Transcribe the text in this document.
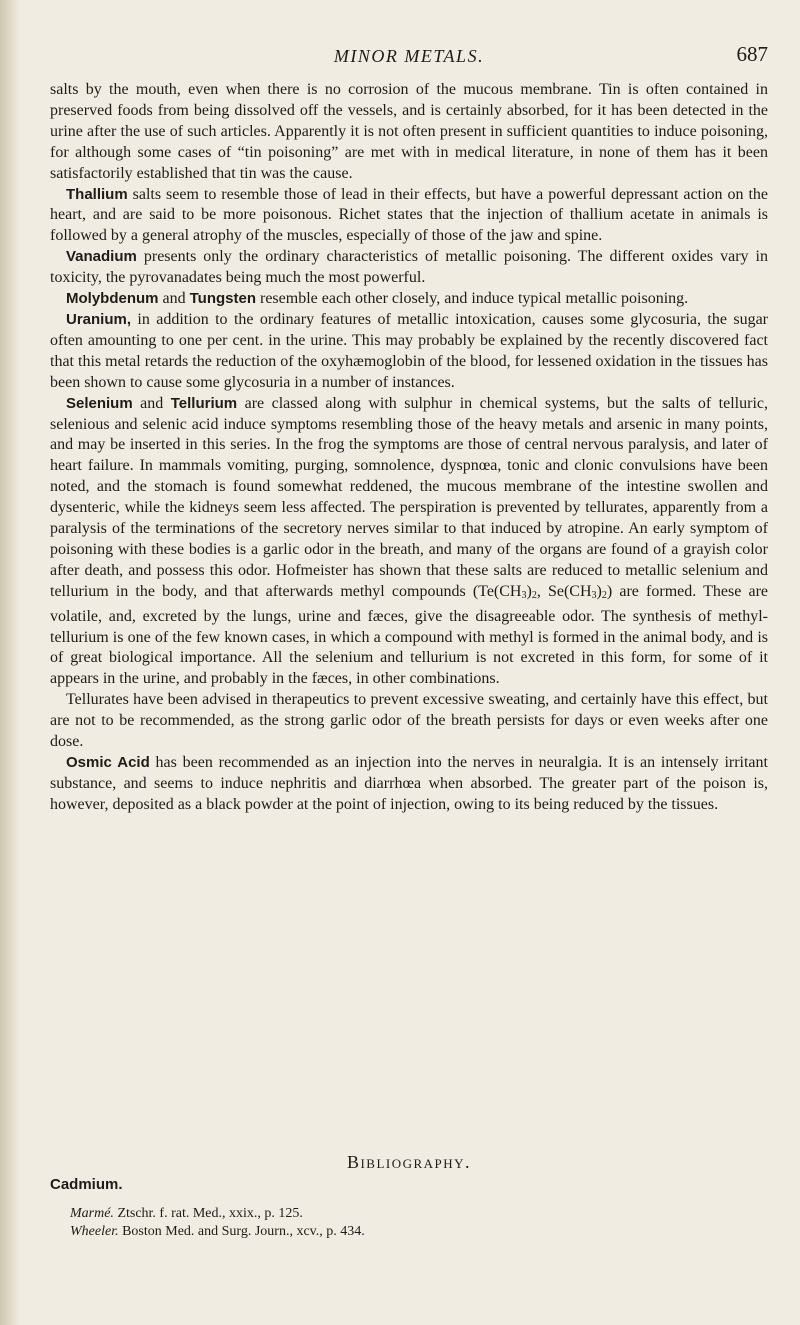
MINOR METALS.	687

salts by the mouth, even when there is no corrosion of the mucous membrane. Tin is often contained in preserved foods from being dissolved off the vessels, and is certainly absorbed, for it has been detected in the urine after the use of such articles. Apparently it is not often present in sufficient quantities to induce poisoning, for although some cases of “tin poisoning” are met with in medical literature, in none of them has it been satisfactorily established that tin was the cause.

Thallium salts seem to resemble those of lead in their effects, but have a powerful depressant action on the heart, and are said to be more poisonous. Richet states that the injection of thallium acetate in animals is followed by a general atrophy of the muscles, especially of those of the jaw and spine.

Vanadium presents only the ordinary characteristics of metallic poisoning. The different oxides vary in toxicity, the pyrovanadates being much the most powerful.

Molybdenum and Tungsten resemble each other closely, and induce typical metallic poisoning.

Uranium, in addition to the ordinary features of metallic intoxication, causes some glycosuria, the sugar often amounting to one per cent. in the urine. This may probably be explained by the recently discovered fact that this metal retards the reduction of the oxyhæmoglobin of the blood, for lessened oxidation in the tissues has been shown to cause some glycosuria in a number of instances.

Selenium and Tellurium are classed along with sulphur in chemical systems, but the salts of telluric, selenious and selenic acid induce symptoms resembling those of the heavy metals and arsenic in many points, and may be inserted in this series. In the frog the symptoms are those of central nervous paralysis, and later of heart failure. In mammals vomiting, purging, somnolence, dyspnœa, tonic and clonic convulsions have been noted, and the stomach is found somewhat reddened, the mucous membrane of the intestine swollen and dysenteric, while the kidneys seem less affected. The perspiration is prevented by tellurates, apparently from a paralysis of the terminations of the secretory nerves similar to that induced by atropine. An early symptom of poisoning with these bodies is a garlic odor in the breath, and many of the organs are found of a grayish color after death, and possess this odor. Hofmeister has shown that these salts are reduced to metallic selenium and tellurium in the body, and that afterwards methyl compounds ($Te(CH_3)_2$, $Se(CH_3)_2$) are formed. These are volatile, and, excreted by the lungs, urine and fæces, give the disagreeable odor. The synthesis of methyl-tellurium is one of the few known cases, in which a compound with methyl is formed in the animal body, and is of great biological importance. All the selenium and tellurium is not excreted in this form, for some of it appears in the urine, and probably in the fæces, in other combinations.

Tellurates have been advised in therapeutics to prevent excessive sweating, and certainly have this effect, but are not to be recommended, as the strong garlic odor of the breath persists for days or even weeks after one dose.

Osmic Acid has been recommended as an injection into the nerves in neuralgia. It is an intensely irritant substance, and seems to induce nephritis and diarrhœa when absorbed. The greater part of the poison is, however, deposited as a black powder at the point of injection, owing to its being reduced by the tissues.

Bibliography.
Cadmium.
Marmé. Ztschr. f. rat. Med., xxix., p. 125.
Wheeler. Boston Med. and Surg. Journ., xcv., p. 434.
